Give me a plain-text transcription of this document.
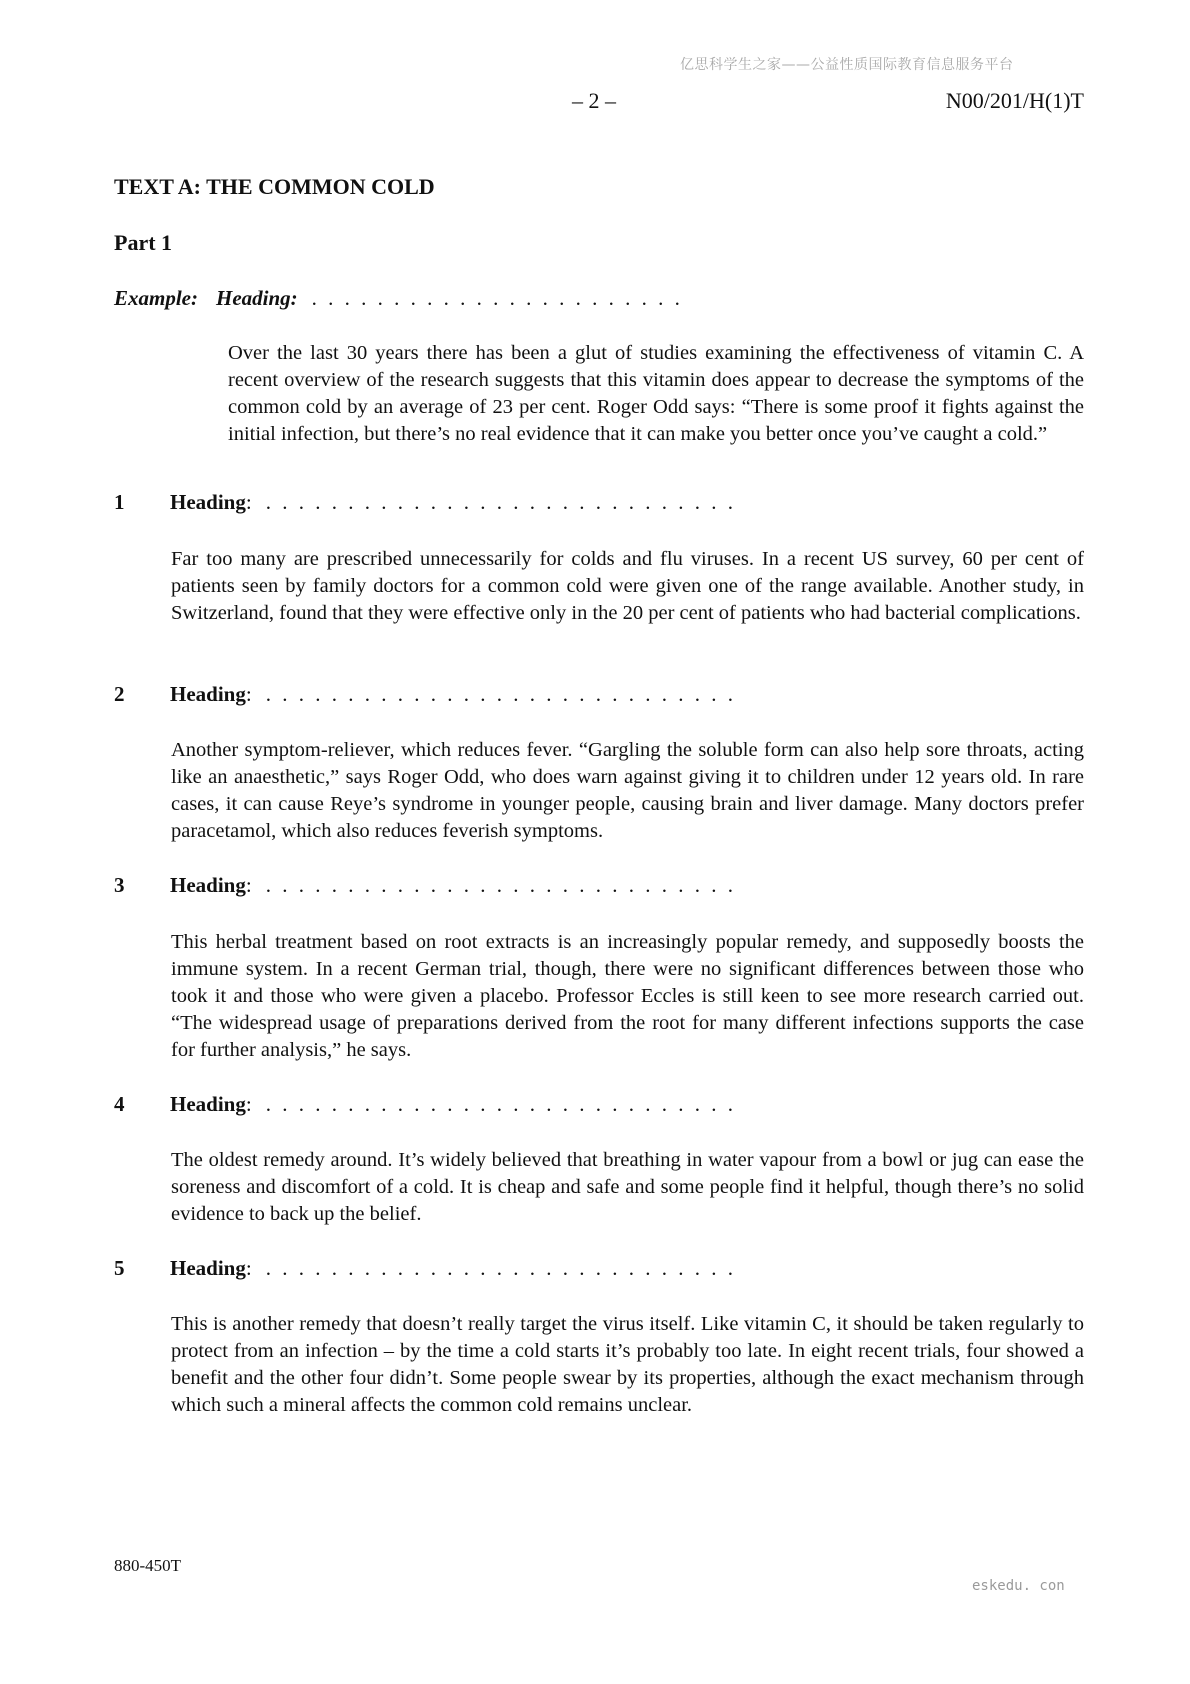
亿思科学生之家——公益性质国际教育信息服务平台
– 2 –	N00/201/H(1)T
TEXT A: THE COMMON COLD
Part 1
Example: Heading: . . . . . . . . . . . . . . . . . . . . . . .

Over the last 30 years there has been a glut of studies examining the effectiveness of vitamin C. A recent overview of the research suggests that this vitamin does appear to decrease the symptoms of the common cold by an average of 23 per cent. Roger Odd says: “There is some proof it fights against the initial infection, but there’s no real evidence that it can make you better once you’ve caught a cold.”

1 Heading: . . . . . . . . . . . . . . . . . . . . . . . . . . . . .

Far too many are prescribed unnecessarily for colds and flu viruses. In a recent US survey, 60 per cent of patients seen by family doctors for a common cold were given one of the range available. Another study, in Switzerland, found that they were effective only in the 20 per cent of patients who had bacterial complications.

2 Heading: . . . . . . . . . . . . . . . . . . . . . . . . . . . . .

Another symptom-reliever, which reduces fever. “Gargling the soluble form can also help sore throats, acting like an anaesthetic,” says Roger Odd, who does warn against giving it to children under 12 years old. In rare cases, it can cause Reye’s syndrome in younger people, causing brain and liver damage. Many doctors prefer paracetamol, which also reduces feverish symptoms.

3 Heading: . . . . . . . . . . . . . . . . . . . . . . . . . . . . .

This herbal treatment based on root extracts is an increasingly popular remedy, and supposedly boosts the immune system. In a recent German trial, though, there were no significant differences between those who took it and those who were given a placebo. Professor Eccles is still keen to see more research carried out. “The widespread usage of preparations derived from the root for many different infections supports the case for further analysis,” he says.

4 Heading: . . . . . . . . . . . . . . . . . . . . . . . . . . . . .

The oldest remedy around. It’s widely believed that breathing in water vapour from a bowl or jug can ease the soreness and discomfort of a cold. It is cheap and safe and some people find it helpful, though there’s no solid evidence to back up the belief.

5 Heading: . . . . . . . . . . . . . . . . . . . . . . . . . . . . .

This is another remedy that doesn’t really target the virus itself. Like vitamin C, it should be taken regularly to protect from an infection – by the time a cold starts it’s probably too late. In eight recent trials, four showed a benefit and the other four didn’t. Some people swear by its properties, although the exact mechanism through which such a mineral affects the common cold remains unclear.

880-450T
eskedu. con
